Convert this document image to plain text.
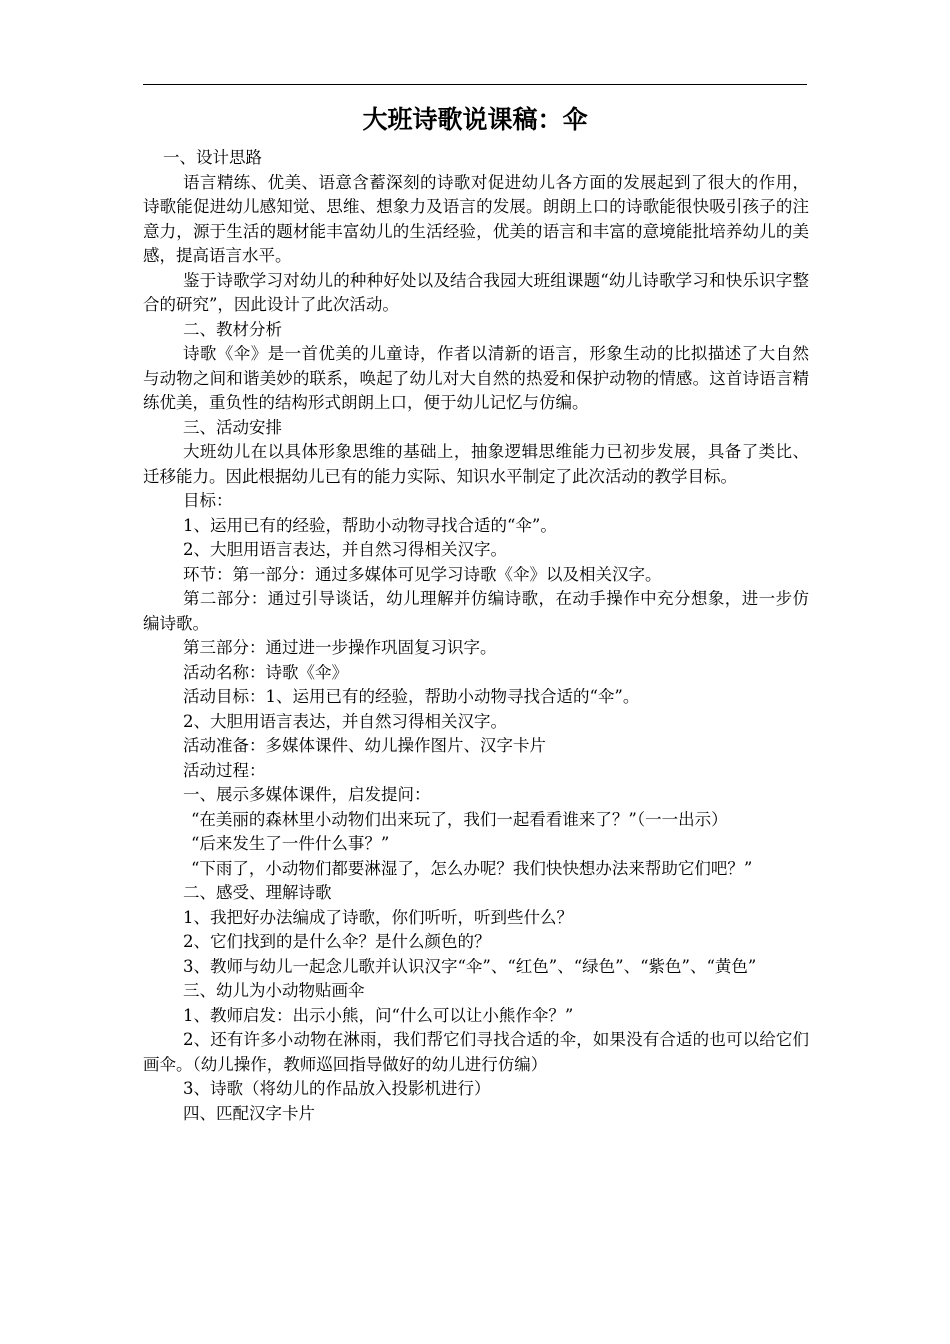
大班诗歌说课稿：伞

一、设计思路

语言精练、优美、语意含蓄深刻的诗歌对促进幼儿各方面的发展起到了很大的作用，诗歌能促进幼儿感知觉、思维、想象力及语言的发展。朗朗上口的诗歌能很快吸引孩子的注意力，源于生活的题材能丰富幼儿的生活经验，优美的语言和丰富的意境能批培养幼儿的美感，提高语言水平。

鉴于诗歌学习对幼儿的种种好处以及结合我园大班组课题“幼儿诗歌学习和快乐识字整合的研究”，因此设计了此次活动。

二、教材分析

诗歌《伞》是一首优美的儿童诗，作者以清新的语言，形象生动的比拟描述了大自然与动物之间和谐美妙的联系，唤起了幼儿对大自然的热爱和保护动物的情感。这首诗语言精练优美，重负性的结构形式朗朗上口，便于幼儿记忆与仿编。

三、活动安排

大班幼儿在以具体形象思维的基础上，抽象逻辑思维能力已初步发展，具备了类比、迁移能力。因此根据幼儿已有的能力实际、知识水平制定了此次活动的教学目标。

目标：

1、运用已有的经验，帮助小动物寻找合适的“伞”。

2、大胆用语言表达，并自然习得相关汉字。

环节：第一部分：通过多媒体可见学习诗歌《伞》以及相关汉字。

第二部分：通过引导谈话，幼儿理解并仿编诗歌，在动手操作中充分想象，进一步仿编诗歌。

第三部分：通过进一步操作巩固复习识字。

活动名称：诗歌《伞》

活动目标：1、运用已有的经验，帮助小动物寻找合适的“伞”。

2、大胆用语言表达，并自然习得相关汉字。

活动准备：多媒体课件、幼儿操作图片、汉字卡片

活动过程：

一、展示多媒体课件，启发提问：

“在美丽的森林里小动物们出来玩了，我们一起看看谁来了？”（一一出示）

“后来发生了一件什么事？”

“下雨了，小动物们都要淋湿了，怎么办呢？我们快快想办法来帮助它们吧？”

二、感受、理解诗歌

1、我把好办法编成了诗歌，你们听听，听到些什么？

2、它们找到的是什么伞？是什么颜色的？

3、教师与幼儿一起念儿歌并认识汉字“伞”、“红色”、“绿色”、“紫色”、“黄色”

三、幼儿为小动物贴画伞

1、教师启发：出示小熊，问“什么可以让小熊作伞？”

2、还有许多小动物在淋雨，我们帮它们寻找合适的伞，如果没有合适的也可以给它们画伞。（幼儿操作，教师巡回指导做好的幼儿进行仿编）

3、诗歌（将幼儿的作品放入投影机进行）

四、匹配汉字卡片
